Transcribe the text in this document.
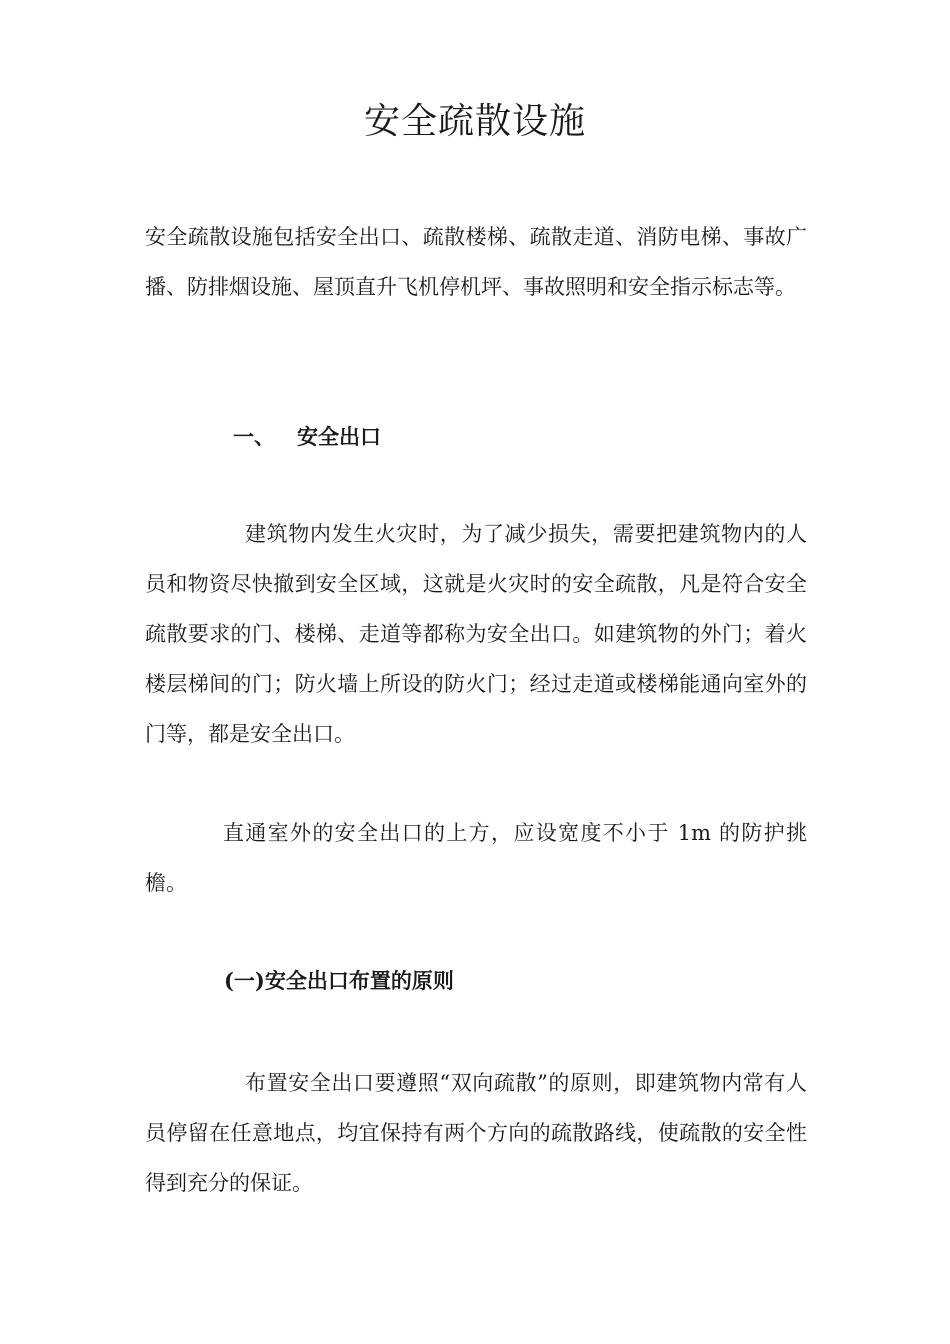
安全疏散设施

安全疏散设施包括安全出口、疏散楼梯、疏散走道、消防电梯、事故广播、防排烟设施、屋顶直升飞机停机坪、事故照明和安全指示标志等。

一、 安全出口

建筑物内发生火灾时，为了减少损失，需要把建筑物内的人员和物资尽快撤到安全区域，这就是火灾时的安全疏散，凡是符合安全疏散要求的门、楼梯、走道等都称为安全出口。如建筑物的外门；着火楼层梯间的门；防火墙上所设的防火门；经过走道或楼梯能通向室外的门等，都是安全出口。

直通室外的安全出口的上方，应设宽度不小于 1m 的防护挑檐。

(一)安全出口布置的原则

布置安全出口要遵照“双向疏散”的原则，即建筑物内常有人员停留在任意地点，均宜保持有两个方向的疏散路线，使疏散的安全性得到充分的保证。
